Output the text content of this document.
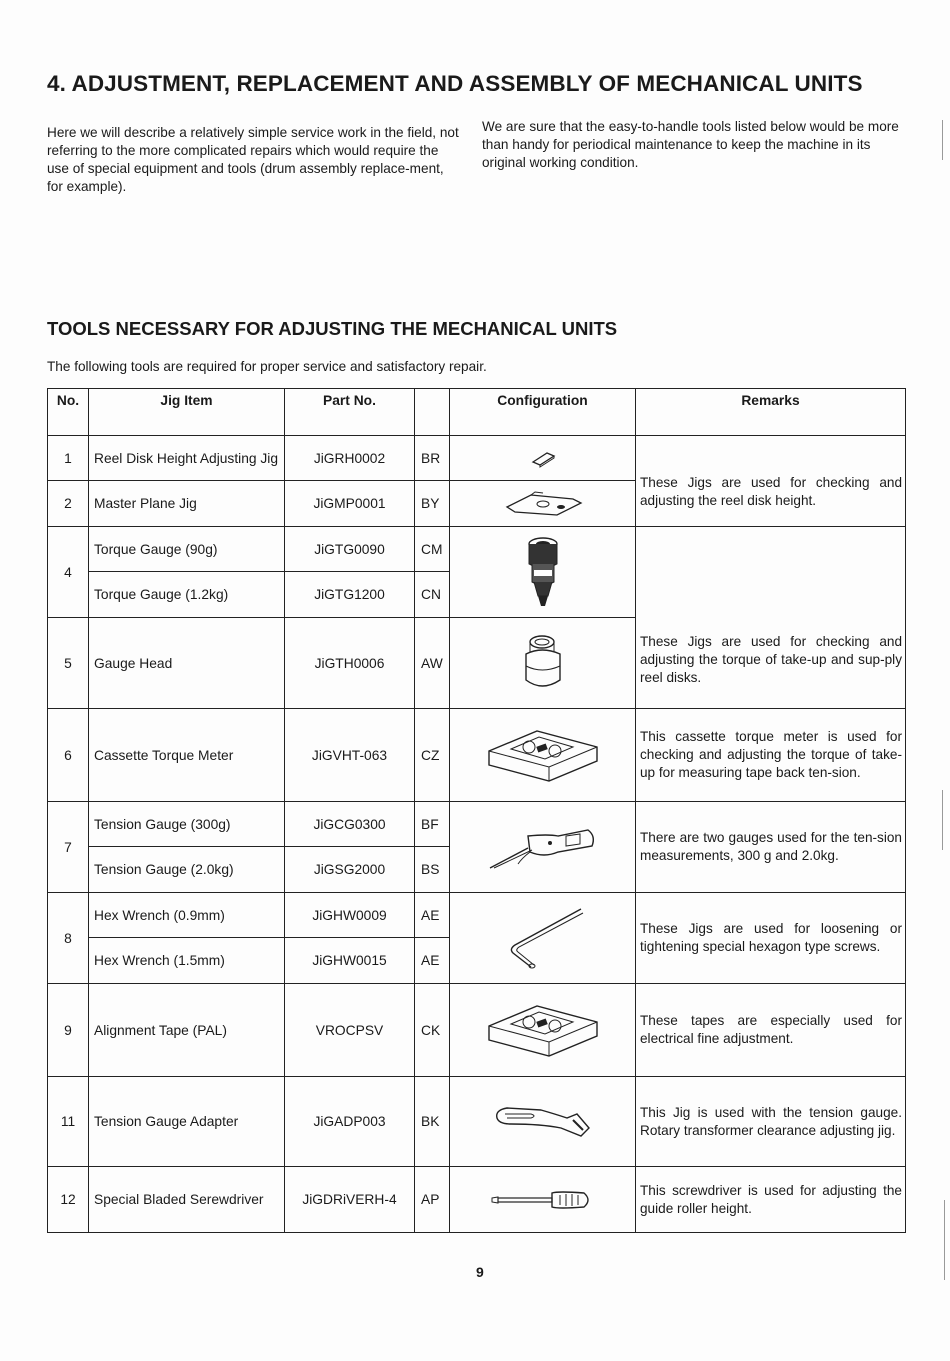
4. ADJUSTMENT, REPLACEMENT AND ASSEMBLY OF MECHANICAL UNITS
Here we will describe a relatively simple service work in the field, not referring to the more complicated repairs which would require the use of special equipment and tools (drum assembly replace-ment, for example).
We are sure that the easy-to-handle tools listed below would be more than handy for periodical maintenance to keep the machine in its original working condition.
TOOLS NECESSARY FOR ADJUSTING THE MECHANICAL UNITS
The following tools are required for proper service and satisfactory repair.
No.	Jig Item	Part No.		Configuration	Remarks
1	Reel Disk Height Adjusting Jig	JiGRH0002	BR		These Jigs are used for checking and adjusting the reel disk height.
2	Master Plane Jig	JiGMP0001	BY	

4	Torque Gauge (90g)	JiGTG0090	CM		These Jigs are used for checking and adjusting the torque of take-up and sup-ply reel disks.
	Torque Gauge (1.2kg)	JiGTG1200	CN		
5	Gauge Head	JiGTH0006	AW	

6	Cassette Torque Meter	JiGVHT-063	CZ		This cassette torque meter is used for checking and adjusting the torque of take-up for measuring tape back ten-sion.
7	Tension Gauge (300g)	JiGCG0300	BF		There are two gauges used for the ten-sion measurements, 300 g and 2.0kg.
	Tension Gauge (2.0kg)	JiGSG2000	BS		
8	Hex Wrench (0.9mm)	JiGHW0009	AE		These Jigs are used for loosening or tightening special hexagon type screws.
	Hex Wrench (1.5mm)	JiGHW0015	AE		
9	Alignment Tape (PAL)	VROCPSV	CK		These tapes are especially used for electrical fine adjustment.
11	Tension Gauge Adapter	JiGADP003	BK		This Jig is used with the tension gauge. Rotary transformer clearance adjusting jig.
12	Special Bladed Serewdriver	JiGDRiVERH-4	AP		This screwdriver is used for adjusting the guide roller height.
9
